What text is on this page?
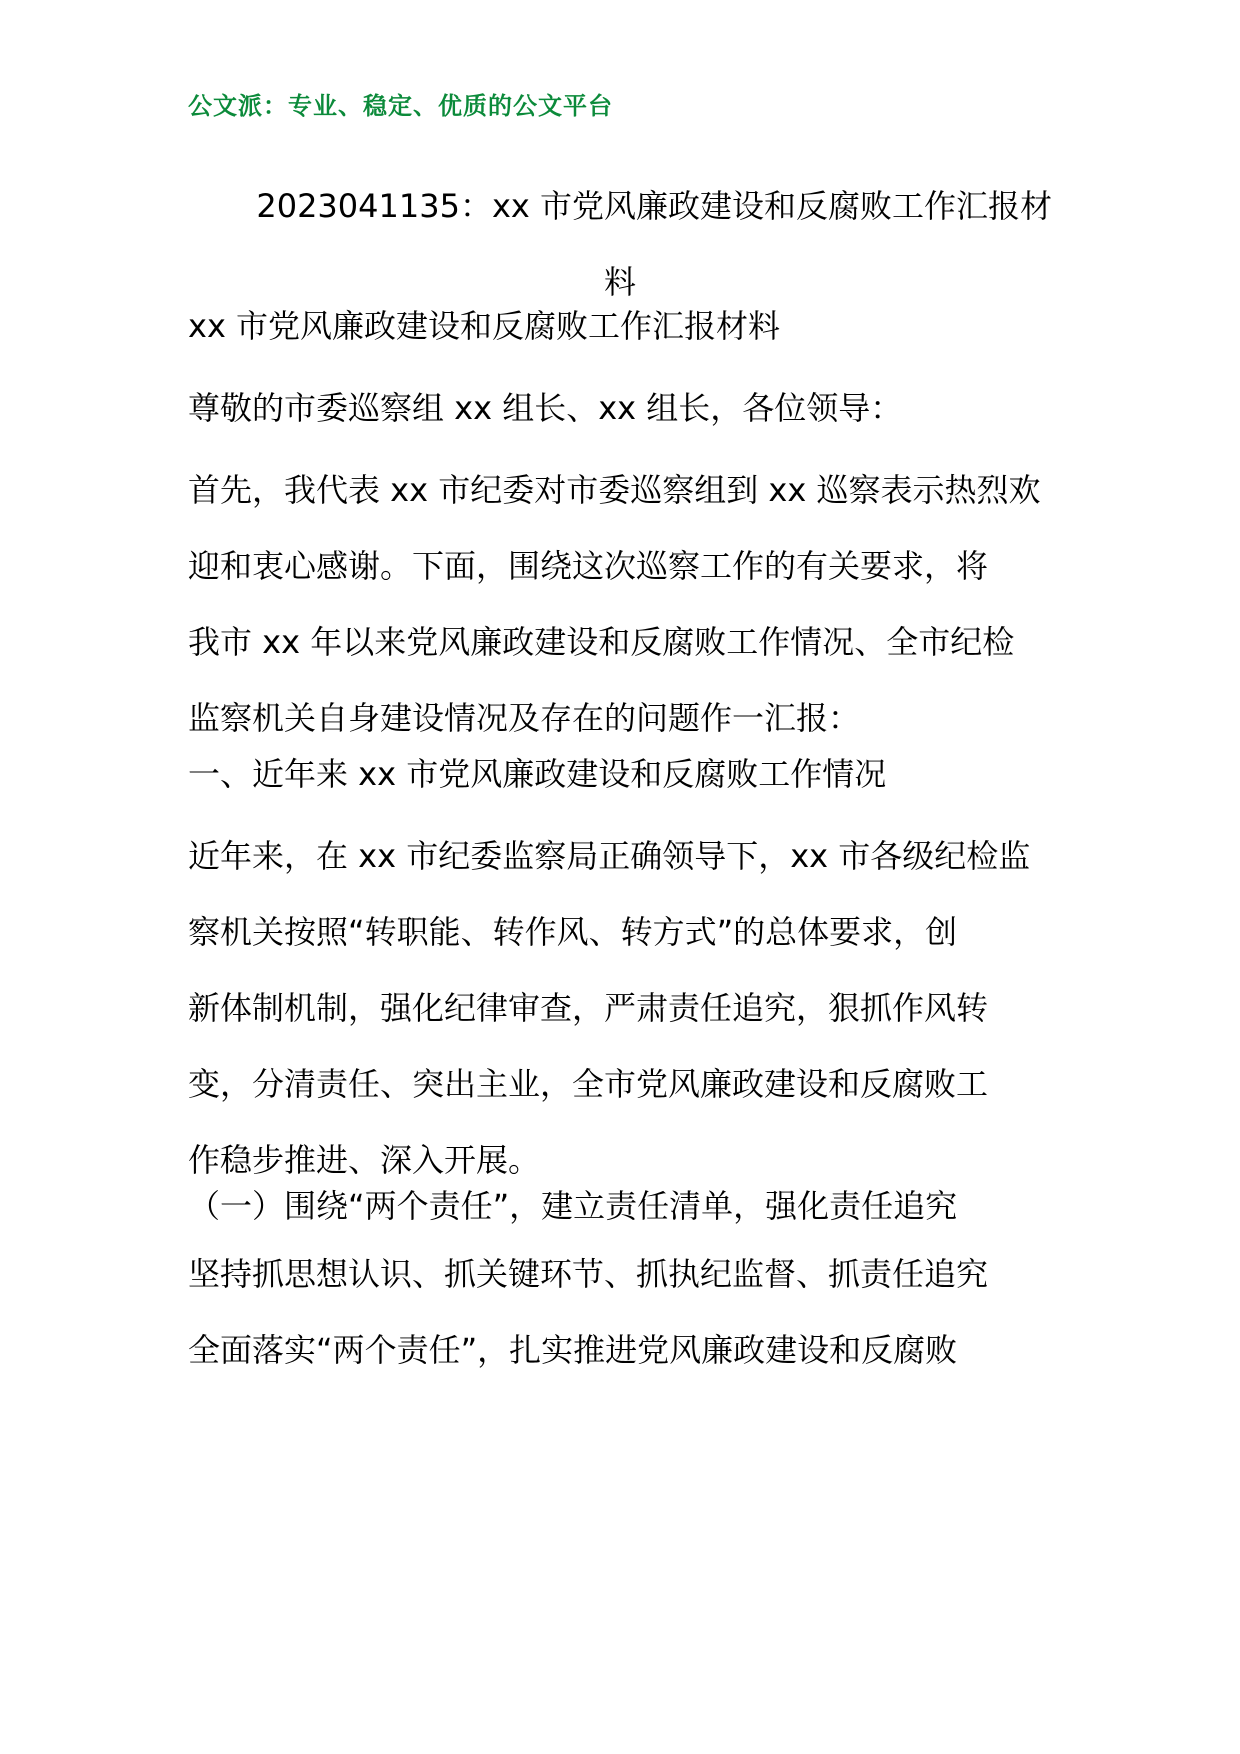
公文派：专业、稳定、优质的公文平台
2023041135：xx 市党风廉政建设和反腐败工作汇报材
料

xx 市党风廉政建设和反腐败工作汇报材料

尊敬的市委巡察组 xx 组长、xx 组长，各位领导：

首先，我代表 xx 市纪委对市委巡察组到 xx 巡察表示热烈欢
迎和衷心感谢。下面，围绕这次巡察工作的有关要求，将
我市 xx 年以来党风廉政建设和反腐败工作情况、全市纪检
监察机关自身建设情况及存在的问题作一汇报：

一、近年来 xx 市党风廉政建设和反腐败工作情况

近年来，在 xx 市纪委监察局正确领导下，xx 市各级纪检监
察机关按照“转职能、转作风、转方式”的总体要求，创
新体制机制，强化纪律审查，严肃责任追究，狠抓作风转
变，分清责任、突出主业，全市党风廉政建设和反腐败工
作稳步推进、深入开展。

（一）围绕“两个责任”，建立责任清单，强化责任追究

坚持抓思想认识、抓关键环节、抓执纪监督、抓责任追究
全面落实“两个责任”，扎实推进党风廉政建设和反腐败
